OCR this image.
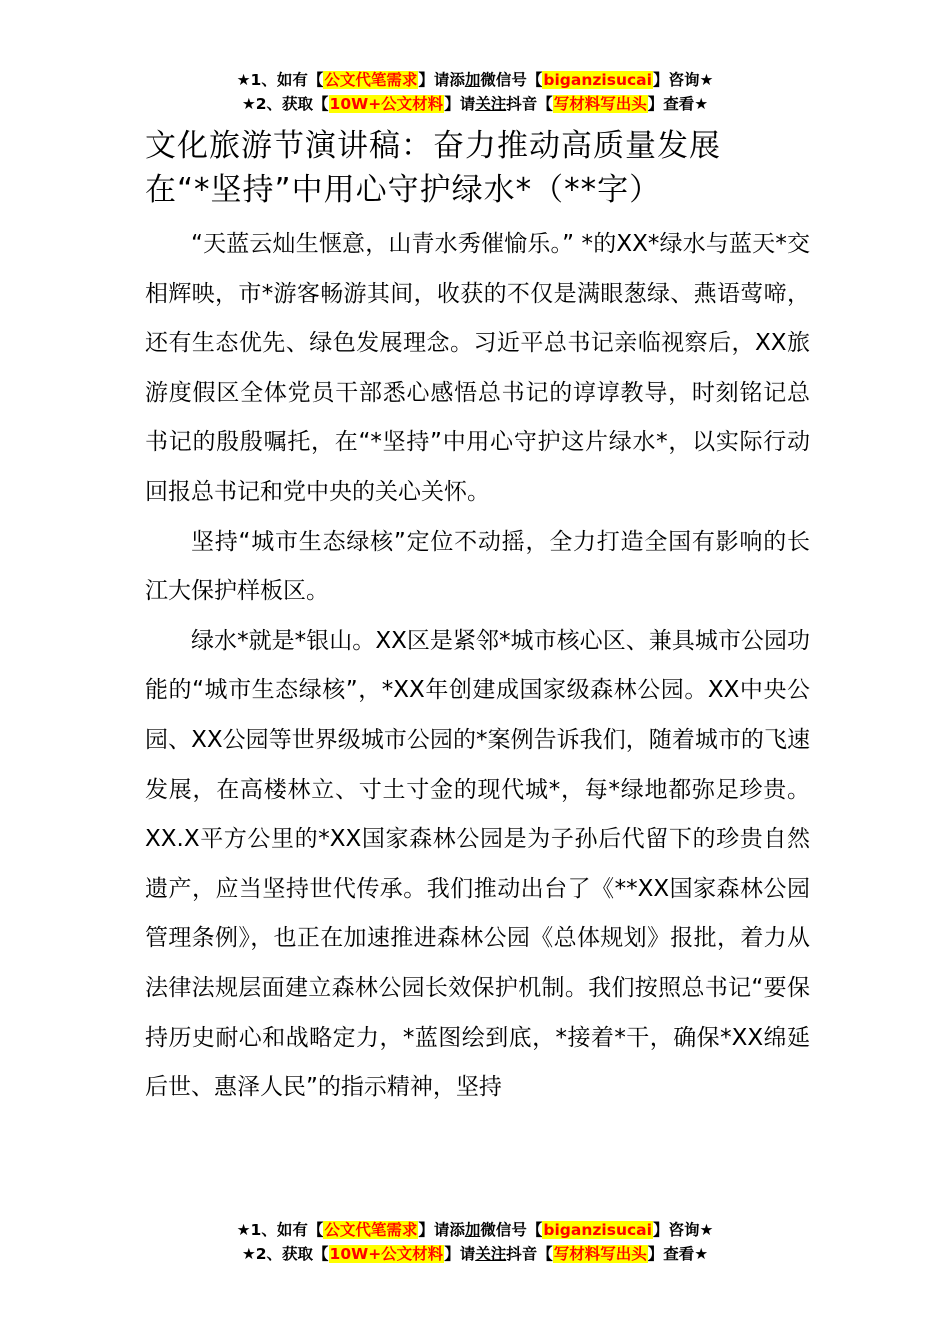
★1、如有【公文代笔需求】请添加微信号【biganzisucai】咨询★
★2、获取【10W+公文材料】请关注抖音【写材料写出头】查看★
文化旅游节演讲稿：奋力推动高质量发展
在“*坚持”中用心守护绿水*（**字）

“天蓝云灿生惬意，山青水秀催愉乐。” *的XX*绿水与蓝天*交相辉映，市*游客畅游其间，收获的不仅是满眼葱绿、燕语莺啼，还有生态优先、绿色发展理念。习近平总书记亲临视察后，XX旅游度假区全体党员干部悉心感悟总书记的谆谆教导，时刻铭记总书记的殷殷嘱托，在“*坚持”中用心守护这片绿水*，以实际行动回报总书记和党中央的关心关怀。

坚持“城市生态绿核”定位不动摇，全力打造全国有影响的长江大保护样板区。

绿水*就是*银山。XX区是紧邻*城市核心区、兼具城市公园功能的“城市生态绿核”，*XX年创建成国家级森林公园。XX中央公园、XX公园等世界级城市公园的*案例告诉我们，随着城市的飞速发展，在高楼林立、寸土寸金的现代城*，每*绿地都弥足珍贵。XX.X平方公里的*XX国家森林公园是为子孙后代留下的珍贵自然遗产，应当坚持世代传承。我们推动出台了《**XX国家森林公园管理条例》，也正在加速推进森林公园《总体规划》报批，着力从法律法规层面建立森林公园长效保护机制。我们按照总书记“要保持历史耐心和战略定力，*蓝图绘到底，*接着*干，确保*XX绵延后世、惠泽人民”的指示精神，坚持

★1、如有【公文代笔需求】请添加微信号【biganzisucai】咨询★
★2、获取【10W+公文材料】请关注抖音【写材料写出头】查看★
